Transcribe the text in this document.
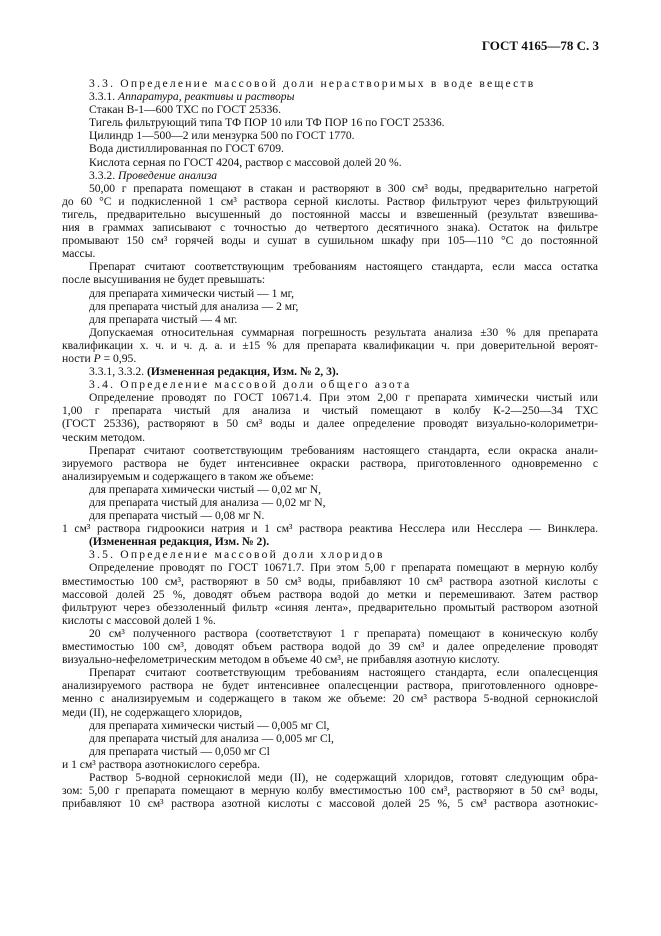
ГОСТ 4165—78 С. 3
3.3. Определение массовой доли нерастворимых в воде веществ
3.3.1. Аппаратура, реактивы и растворы
Стакан В-1—600 ТХС по ГОСТ 25336.
Тигель фильтрующий типа ТФ ПОР 10 или ТФ ПОР 16 по ГОСТ 25336.
Цилиндр 1—500—2 или мензурка 500 по ГОСТ 1770.
Вода дистиллированная по ГОСТ 6709.
Кислота серная по ГОСТ 4204, раствор с массовой долей 20 %.
3.3.2. Проведение анализа
50,00 г препарата помещают в стакан и растворяют в 300 см³ воды, предварительно нагретой
до 60 °С и подкисленной 1 см³ раствора серной кислоты. Раствор фильтруют через фильтрующий
тигель, предварительно высушенный до постоянной массы и взвешенный (результат взвешива-
ния в граммах записывают с точностью до четвертого десятичного знака). Остаток на фильтре
промывают 150 см³ горячей воды и сушат в сушильном шкафу при 105—110 °С до постоянной
массы.
Препарат считают соответствующим требованиям настоящего стандарта, если масса остатка
после высушивания не будет превышать:
для препарата химически чистый — 1 мг,
для препарата чистый для анализа — 2 мг,
для препарата чистый — 4 мг.
Допускаемая относительная суммарная погрешность результата анализа ±30 % для препарата
квалификации х. ч. и ч. д. а. и ±15 % для препарата квалификации ч. при доверительной вероят-
ности P = 0,95.
3.3.1, 3.3.2. (Измененная редакция, Изм. № 2, 3).
3.4. Определение массовой доли общего азота
Определение проводят по ГОСТ 10671.4. При этом 2,00 г препарата химически чистый или
1,00 г препарата чистый для анализа и чистый помещают в колбу К-2—250—34 ТХС
(ГОСТ 25336), растворяют в 50 см³ воды и далее определение проводят визуально-колориметри-
ческим методом.
Препарат считают соответствующим требованиям настоящего стандарта, если окраска анали-
зируемого раствора не будет интенсивнее окраски раствора, приготовленного одновременно с
анализируемым и содержащего в таком же объеме:
для препарата химически чистый — 0,02 мг N,
для препарата чистый для анализа — 0,02 мг N,
для препарата чистый — 0,08 мг N.
1 см³ раствора гидроокиси натрия и 1 см³ раствора реактива Несслера или Несслера — Винклера.
(Измененная редакция, Изм. № 2).
3.5. Определение массовой доли хлоридов
Определение проводят по ГОСТ 10671.7. При этом 5,00 г препарата помещают в мерную колбу
вместимостью 100 см³, растворяют в 50 см³ воды, прибавляют 10 см³ раствора азотной кислоты с
массовой долей 25 %, доводят объем раствора водой до метки и перемешивают. Затем раствор
фильтруют через обеззоленный фильтр «синяя лента», предварительно промытый раствором азотной
кислоты с массовой долей 1 %.
20 см³ полученного раствора (соответствуют 1 г препарата) помещают в коническую колбу
вместимостью 100 см³, доводят объем раствора водой до 39 см³ и далее определение проводят
визуально-нефелометрическим методом в объеме 40 см³, не прибавляя азотную кислоту.
Препарат считают соответствующим требованиям настоящего стандарта, если опалесценция
анализируемого раствора не будет интенсивнее опалесценции раствора, приготовленного одновре-
менно с анализируемым и содержащего в таком же объеме: 20 см³ раствора 5-водной сернокислой
меди (II), не содержащего хлоридов,
для препарата химически чистый — 0,005 мг Cl,
для препарата чистый для анализа — 0,005 мг Cl,
для препарата чистый — 0,050 мг Cl
и 1 см³ раствора азотнокислого серебра.
Раствор 5-водной сернокислой меди (II), не содержащий хлоридов, готовят следующим обра-
зом: 5,00 г препарата помещают в мерную колбу вместимостью 100 см³, растворяют в 50 см³ воды,
прибавляют 10 см³ раствора азотной кислоты с массовой долей 25 %, 5 см³ раствора азотнокис-
